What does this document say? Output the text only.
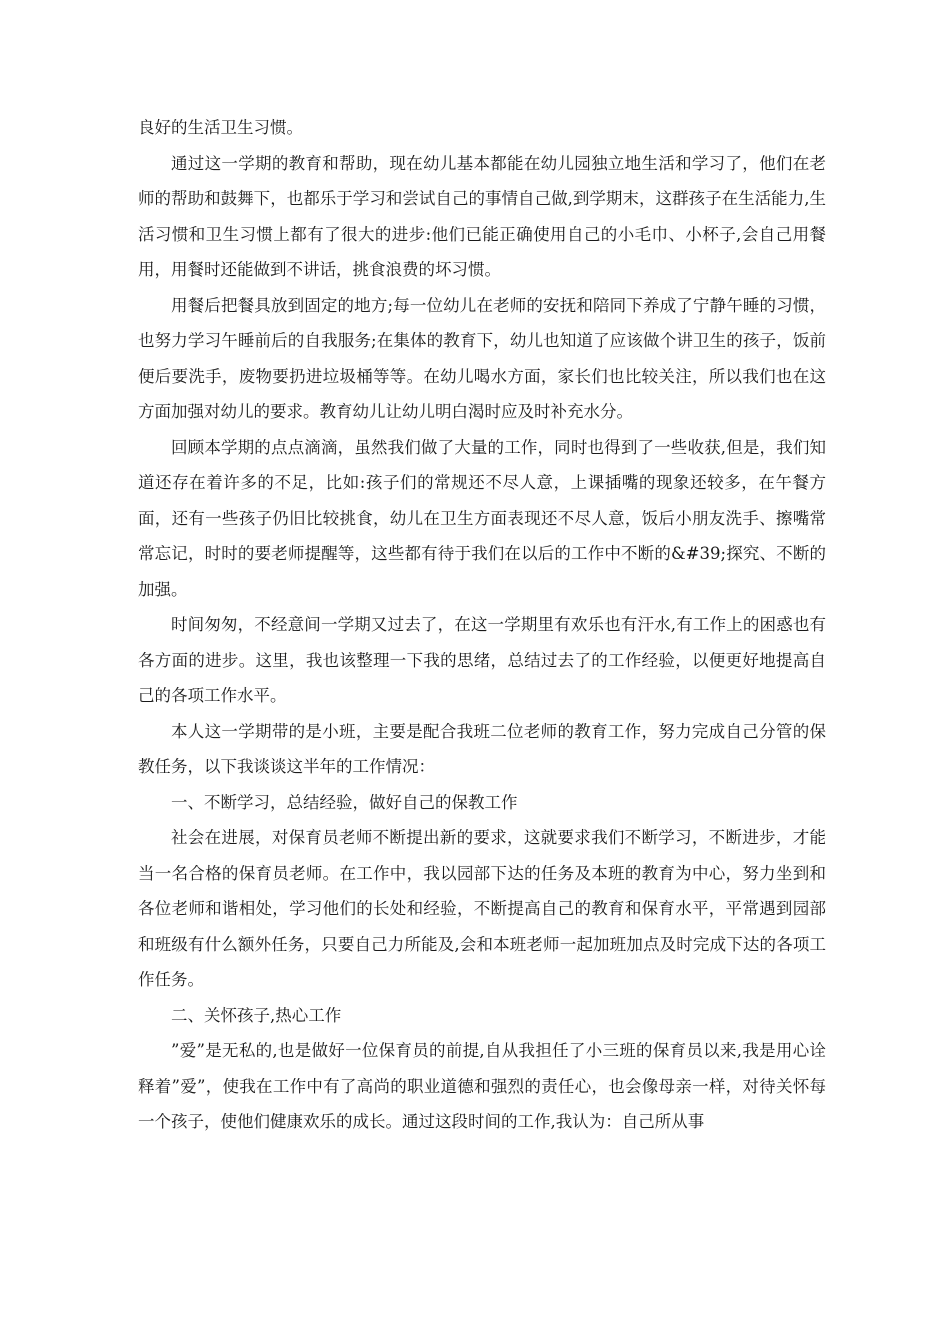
良好的生活卫生习惯。

通过这一学期的教育和帮助，现在幼儿基本都能在幼儿园独立地生活和学习了，他们在老师的帮助和鼓舞下，也都乐于学习和尝试自己的事情自己做,到学期末，这群孩子在生活能力,生活习惯和卫生习惯上都有了很大的进步:他们已能正确使用自己的小毛巾、小杯子,会自己用餐用，用餐时还能做到不讲话，挑食浪费的坏习惯。

用餐后把餐具放到固定的地方;每一位幼儿在老师的安抚和陪同下养成了宁静午睡的习惯，也努力学习午睡前后的自我服务;在集体的教育下，幼儿也知道了应该做个讲卫生的孩子，饭前便后要洗手，废物要扔进垃圾桶等等。在幼儿喝水方面，家长们也比较关注，所以我们也在这方面加强对幼儿的要求。教育幼儿让幼儿明白渴时应及时补充水分。

回顾本学期的点点滴滴，虽然我们做了大量的工作，同时也得到了一些收获,但是，我们知道还存在着许多的不足，比如:孩子们的常规还不尽人意，上课插嘴的现象还较多，在午餐方面，还有一些孩子仍旧比较挑食，幼儿在卫生方面表现还不尽人意，饭后小朋友洗手、擦嘴常常忘记，时时的要老师提醒等，这些都有待于我们在以后的工作中不断的&#39;探究、不断的加强。

时间匆匆，不经意间一学期又过去了，在这一学期里有欢乐也有汗水,有工作上的困惑也有各方面的进步。这里，我也该整理一下我的思绪，总结过去了的工作经验，以便更好地提高自己的各项工作水平。

本人这一学期带的是小班，主要是配合我班二位老师的教育工作，努力完成自己分管的保教任务，以下我谈谈这半年的工作情况：

一、不断学习，总结经验，做好自己的保教工作

社会在进展，对保育员老师不断提出新的要求，这就要求我们不断学习，不断进步，才能当一名合格的保育员老师。在工作中，我以园部下达的任务及本班的教育为中心，努力坐到和各位老师和谐相处，学习他们的长处和经验，不断提高自己的教育和保育水平，平常遇到园部和班级有什么额外任务，只要自己力所能及,会和本班老师一起加班加点及时完成下达的各项工作任务。

二、关怀孩子,热心工作

”爱”是无私的,也是做好一位保育员的前提,自从我担任了小三班的保育员以来,我是用心诠释着”爱”，使我在工作中有了高尚的职业道德和强烈的责任心，也会像母亲一样，对待关怀每一个孩子，使他们健康欢乐的成长。通过这段时间的工作,我认为：自己所从事
